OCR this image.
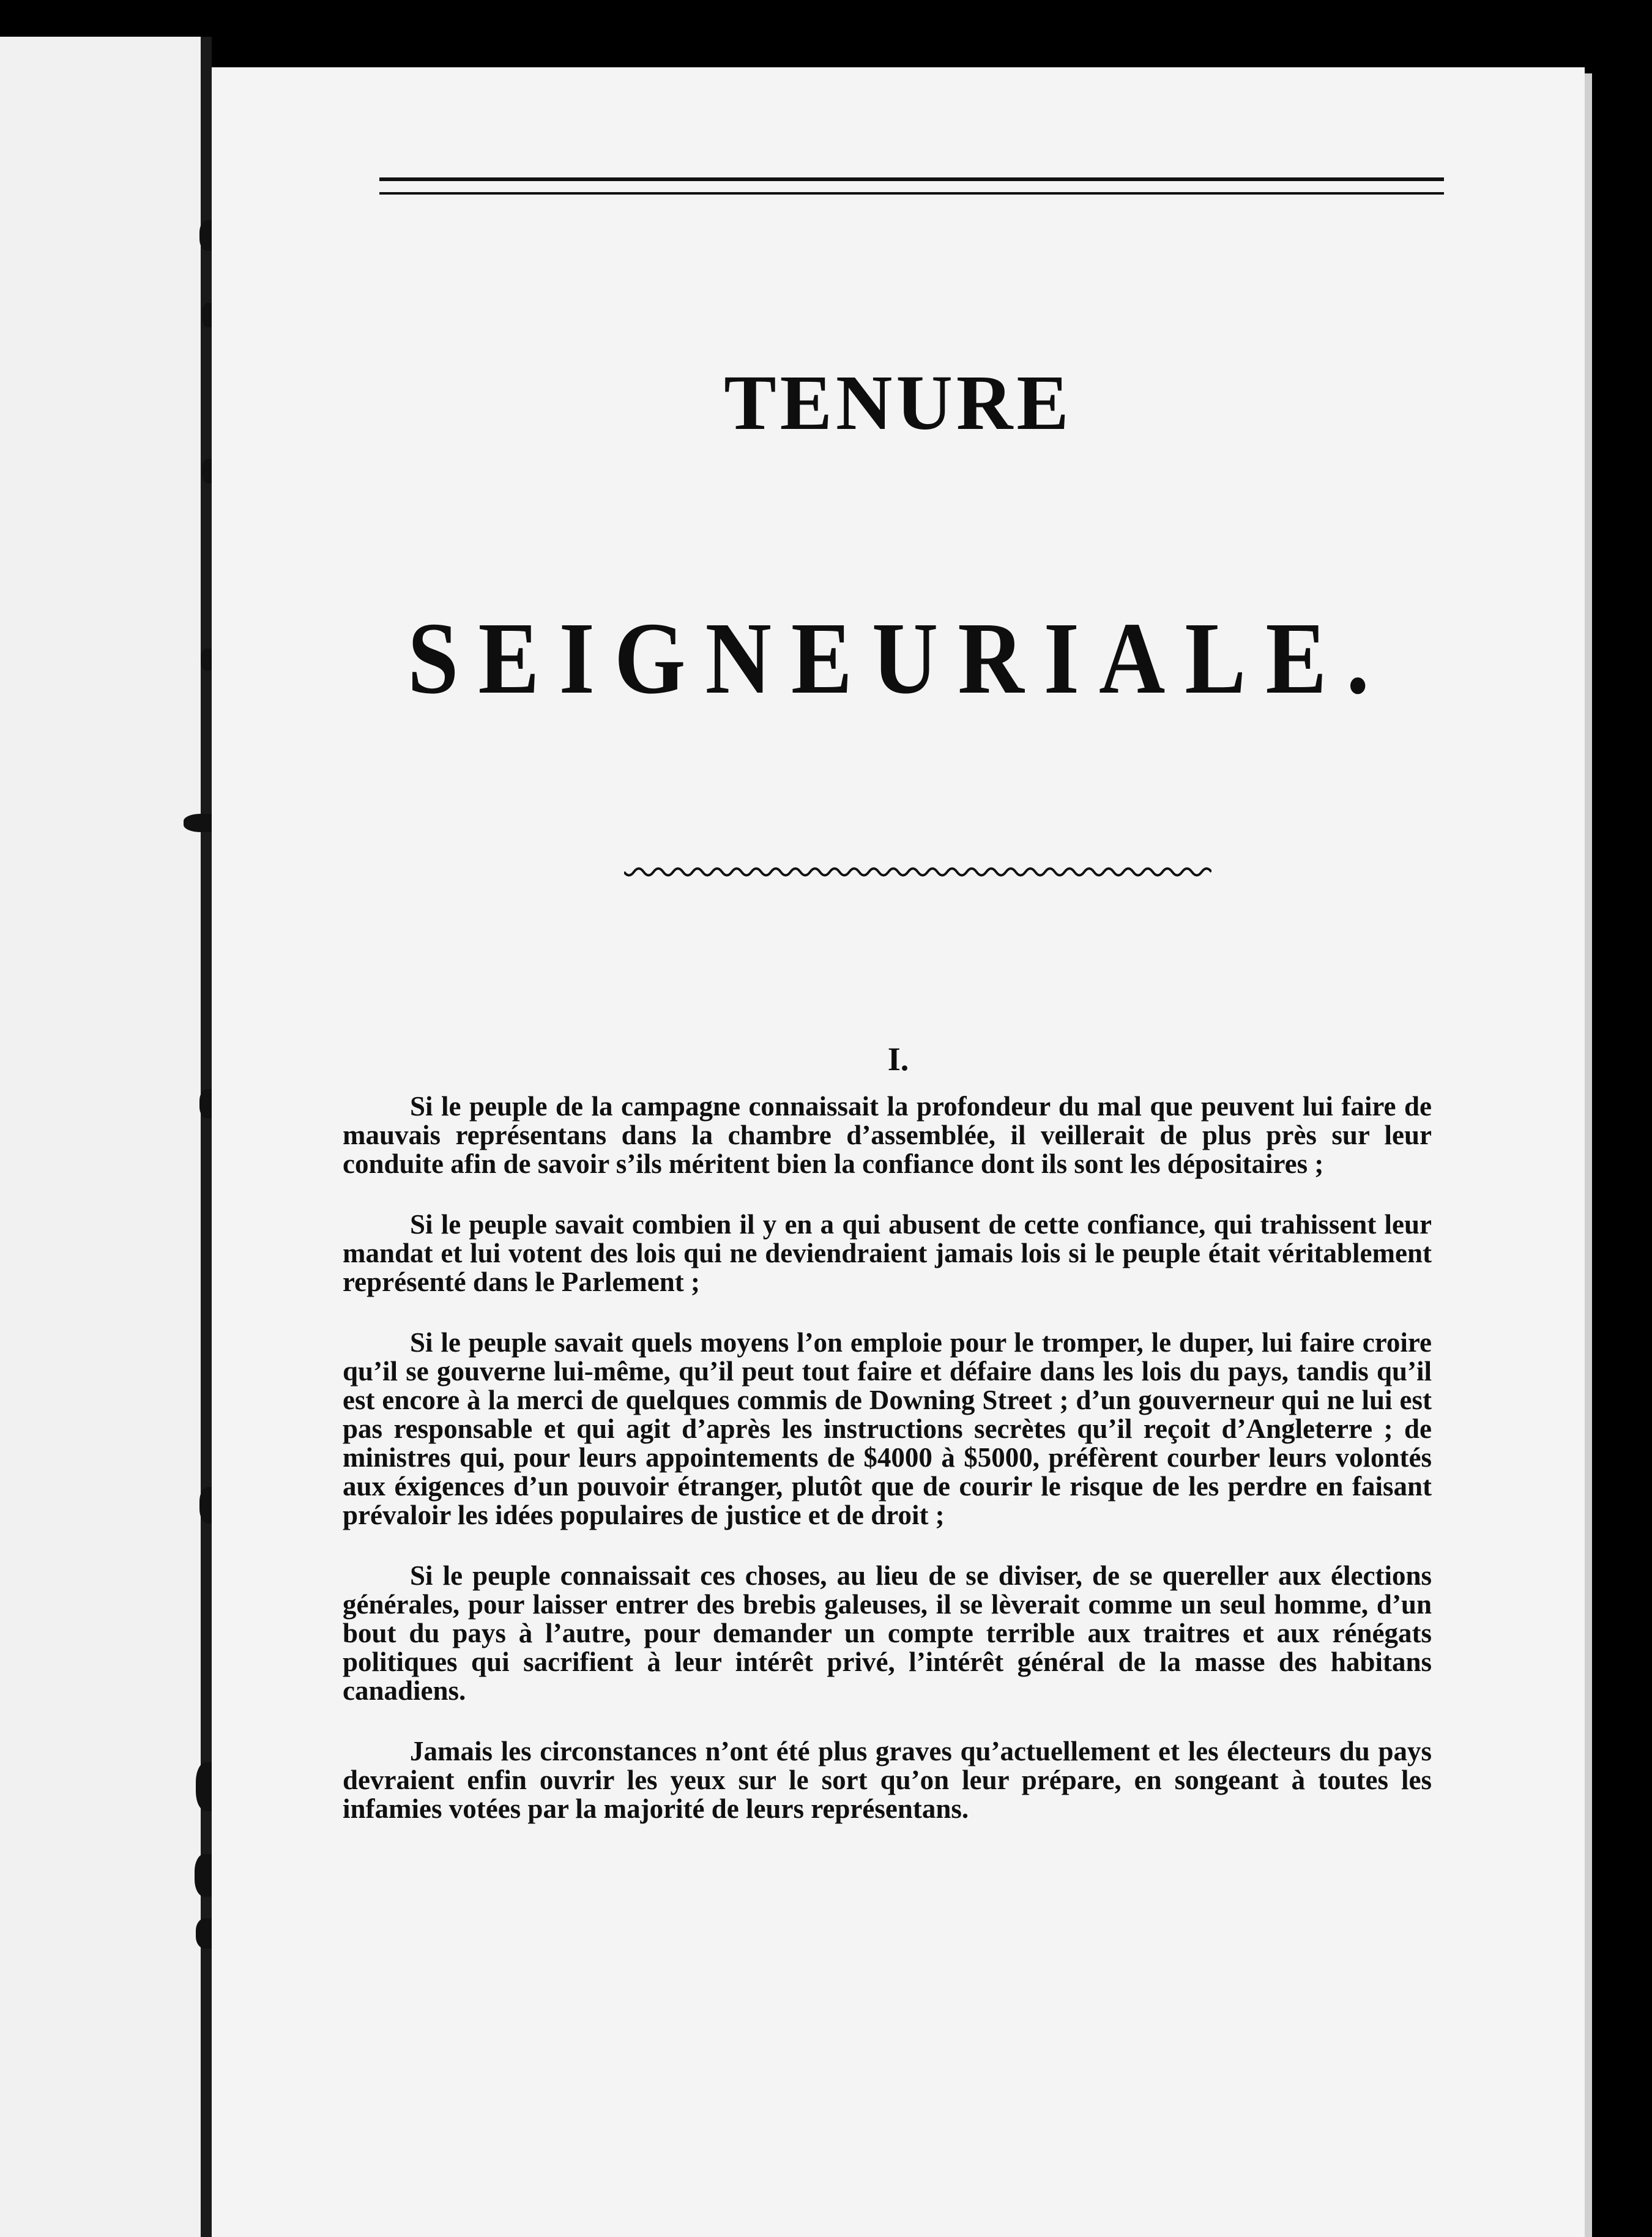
TENURE
SEIGNEURIALE.
I.

Si le peuple de la campagne connaissait la profondeur du mal que peuvent lui faire de mauvais représentans dans la chambre d’assemblée, il veillerait de plus près sur leur conduite afin de savoir s’ils méritent bien la confiance dont ils sont les dépositaires ;

Si le peuple savait combien il y en a qui abusent de cette confiance, qui trahissent leur mandat et lui votent des lois qui ne deviendraient jamais lois si le peuple était véritablement représenté dans le Parlement ;

Si le peuple savait quels moyens l’on emploie pour le tromper, le duper, lui faire croire qu’il se gouverne lui-même, qu’il peut tout faire et défaire dans les lois du pays, tandis qu’il est encore à la merci de quelques commis de Downing Street ; d’un gouverneur qui ne lui est pas responsable et qui agit d’après les instructions secrètes qu’il reçoit d’Angleterre ; de ministres qui, pour leurs appointements de $4000 à $5000, préfèrent courber leurs volontés aux éxigences d’un pouvoir étranger, plutôt que de courir le risque de les perdre en faisant prévaloir les idées populaires de justice et de droit ;

Si le peuple connaissait ces choses, au lieu de se diviser, de se quereller aux élections générales, pour laisser entrer des brebis galeuses, il se lèverait comme un seul homme, d’un bout du pays à l’autre, pour demander un compte terrible aux traitres et aux rénégats politiques qui sacrifient à leur intérêt privé, l’intérêt général de la masse des habitans canadiens.

Jamais les circonstances n’ont été plus graves qu’actuellement et les électeurs du pays devraient enfin ouvrir les yeux sur le sort qu’on leur prépare, en songeant à toutes les infamies votées par la majorité de leurs représentans.
